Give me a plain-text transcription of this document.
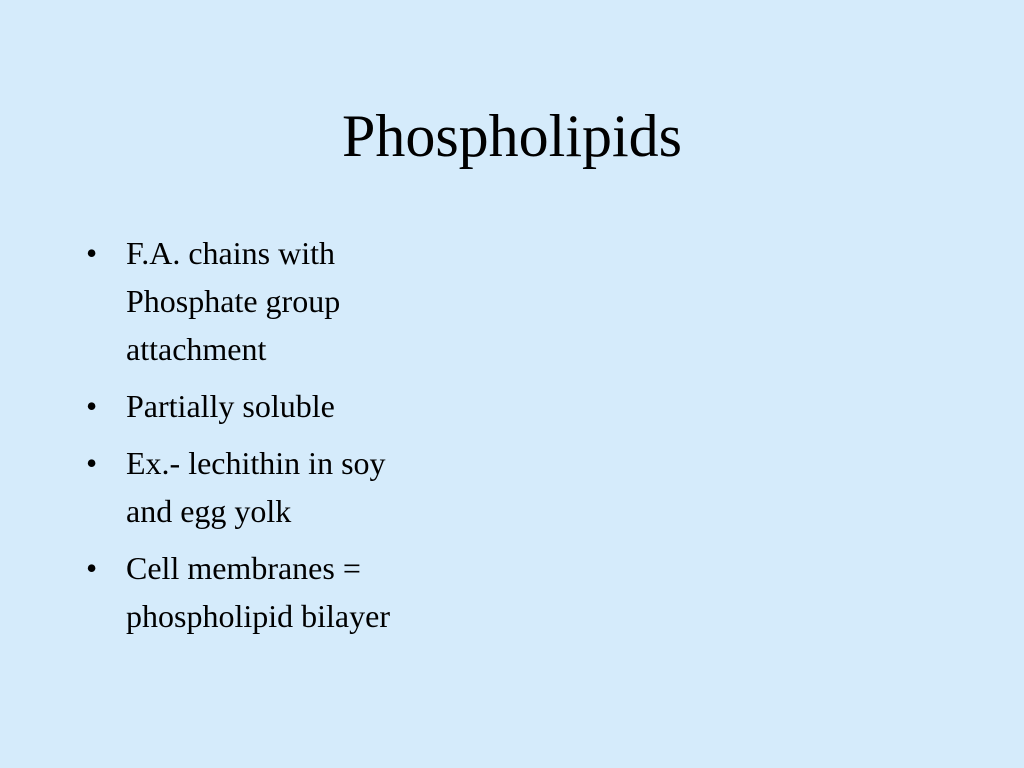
Phospholipids
• F.A. chains with
Phosphate group
attachment
• Partially soluble
• Ex.- lechithin in soy
and egg yolk
• Cell membranes =
phospholipid bilayer
